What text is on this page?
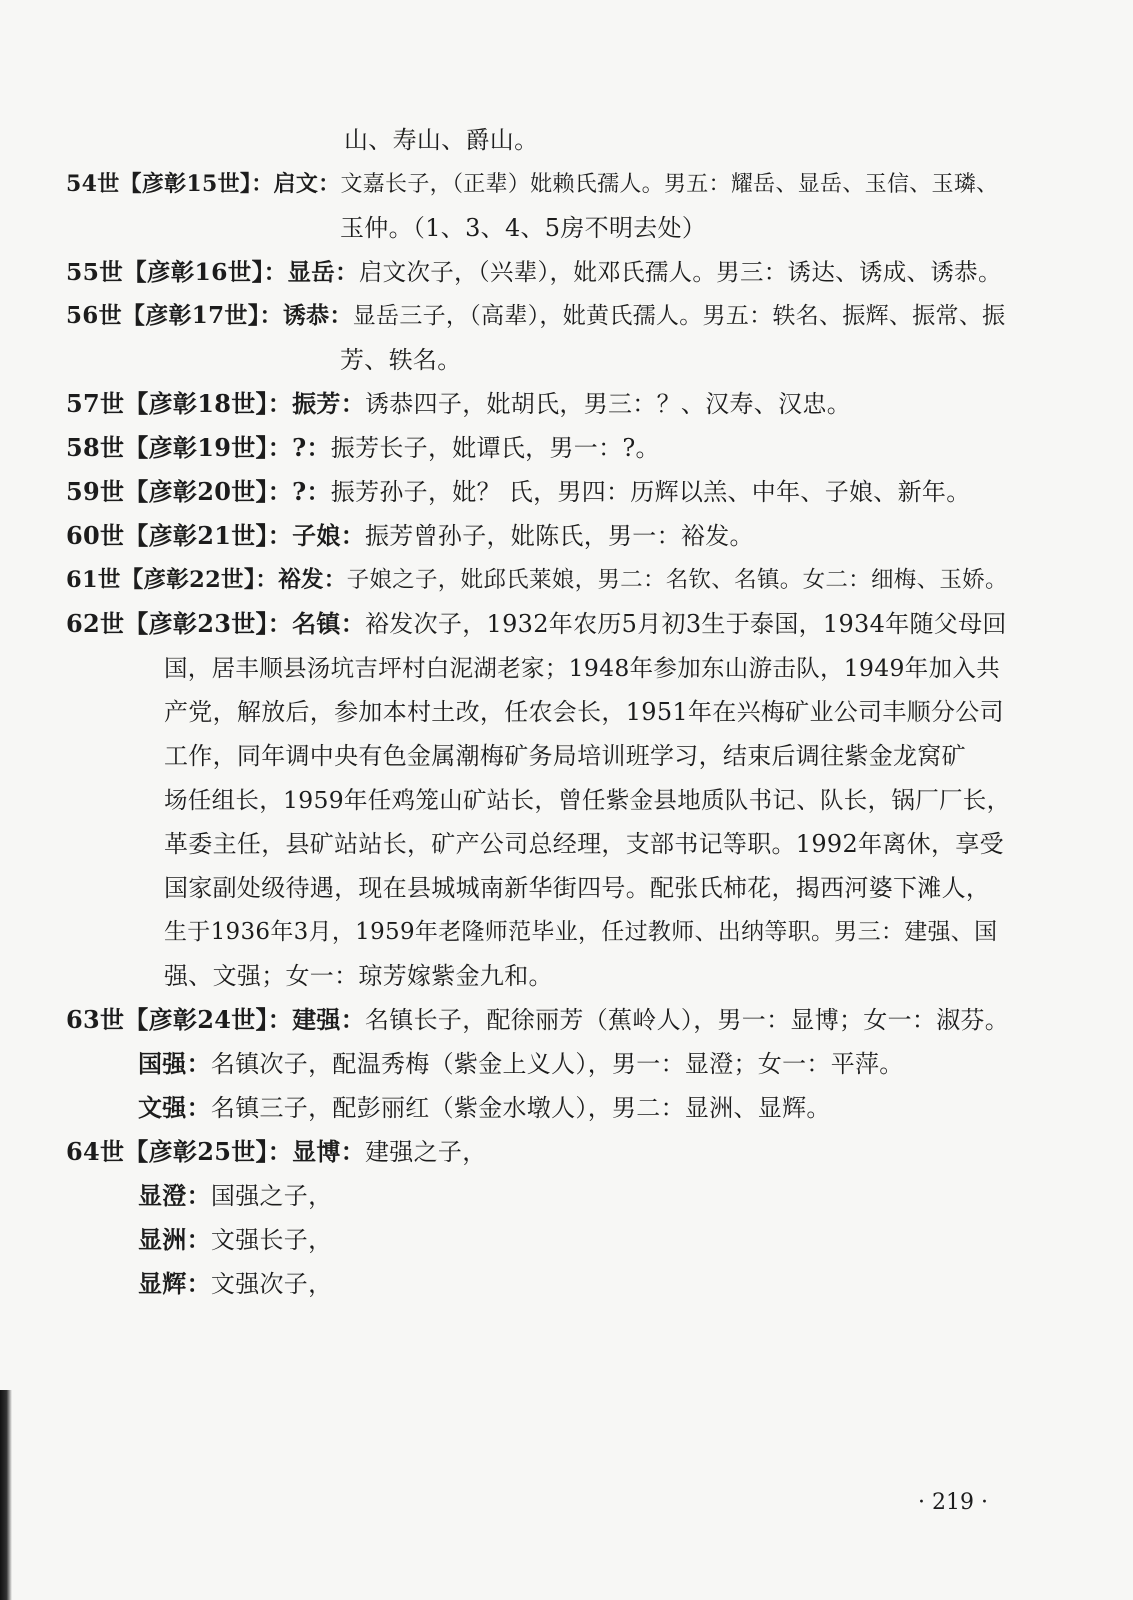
山、寿山、爵山。

54世【彦彰15世】：启文：文嘉长子，（正辈）妣赖氏孺人。男五：耀岳、显岳、玉信、玉璘、

玉仲。（1、3、4、5房不明去处）

55世【彦彰16世】：显岳：启文次子，（兴辈），妣邓氏孺人。男三：诱达、诱成、诱恭。

56世【彦彰17世】：诱恭：显岳三子，（高辈），妣黄氏孺人。男五：轶名、振辉、振常、振

芳、轶名。

57世【彦彰18世】：振芳：诱恭四子，妣胡氏，男三：？、汉寿、汉忠。

58世【彦彰19世】：?：振芳长子，妣谭氏，男一：?。

59世【彦彰20世】：?：振芳孙子，妣？ 氏，男四：历辉以羔、中年、子娘、新年。

60世【彦彰21世】：子娘：振芳曾孙子，妣陈氏，男一：裕发。

61世【彦彰22世】：裕发：子娘之子，妣邱氏莱娘，男二：名钦、名镇。女二：细梅、玉娇。

62世【彦彰23世】：名镇：裕发次子，1932年农历5月初3生于泰国，1934年随父母回

国，居丰顺县汤坑吉坪村白泥湖老家；1948年参加东山游击队，1949年加入共

产党，解放后，参加本村土改，任农会长，1951年在兴梅矿业公司丰顺分公司

工作，同年调中央有色金属潮梅矿务局培训班学习，结束后调往紫金龙窝矿

场任组长，1959年任鸡笼山矿站长，曾任紫金县地质队书记、队长，锅厂厂长，

革委主任，县矿站站长，矿产公司总经理，支部书记等职。1992年离休，享受

国家副处级待遇，现在县城城南新华街四号。配张氏柿花，揭西河婆下滩人，

生于1936年3月，1959年老隆师范毕业，任过教师、出纳等职。男三：建强、国

强、文强；女一：琼芳嫁紫金九和。

63世【彦彰24世】：建强：名镇长子，配徐丽芳（蕉岭人），男一：显博；女一：淑芬。

国强：名镇次子，配温秀梅（紫金上义人），男一：显澄；女一：平萍。

文强：名镇三子，配彭丽红（紫金水墩人），男二：显洲、显辉。

64世【彦彰25世】：显博：建强之子，

显澄：国强之子，

显洲：文强长子，

显辉：文强次子，

· 219 ·
